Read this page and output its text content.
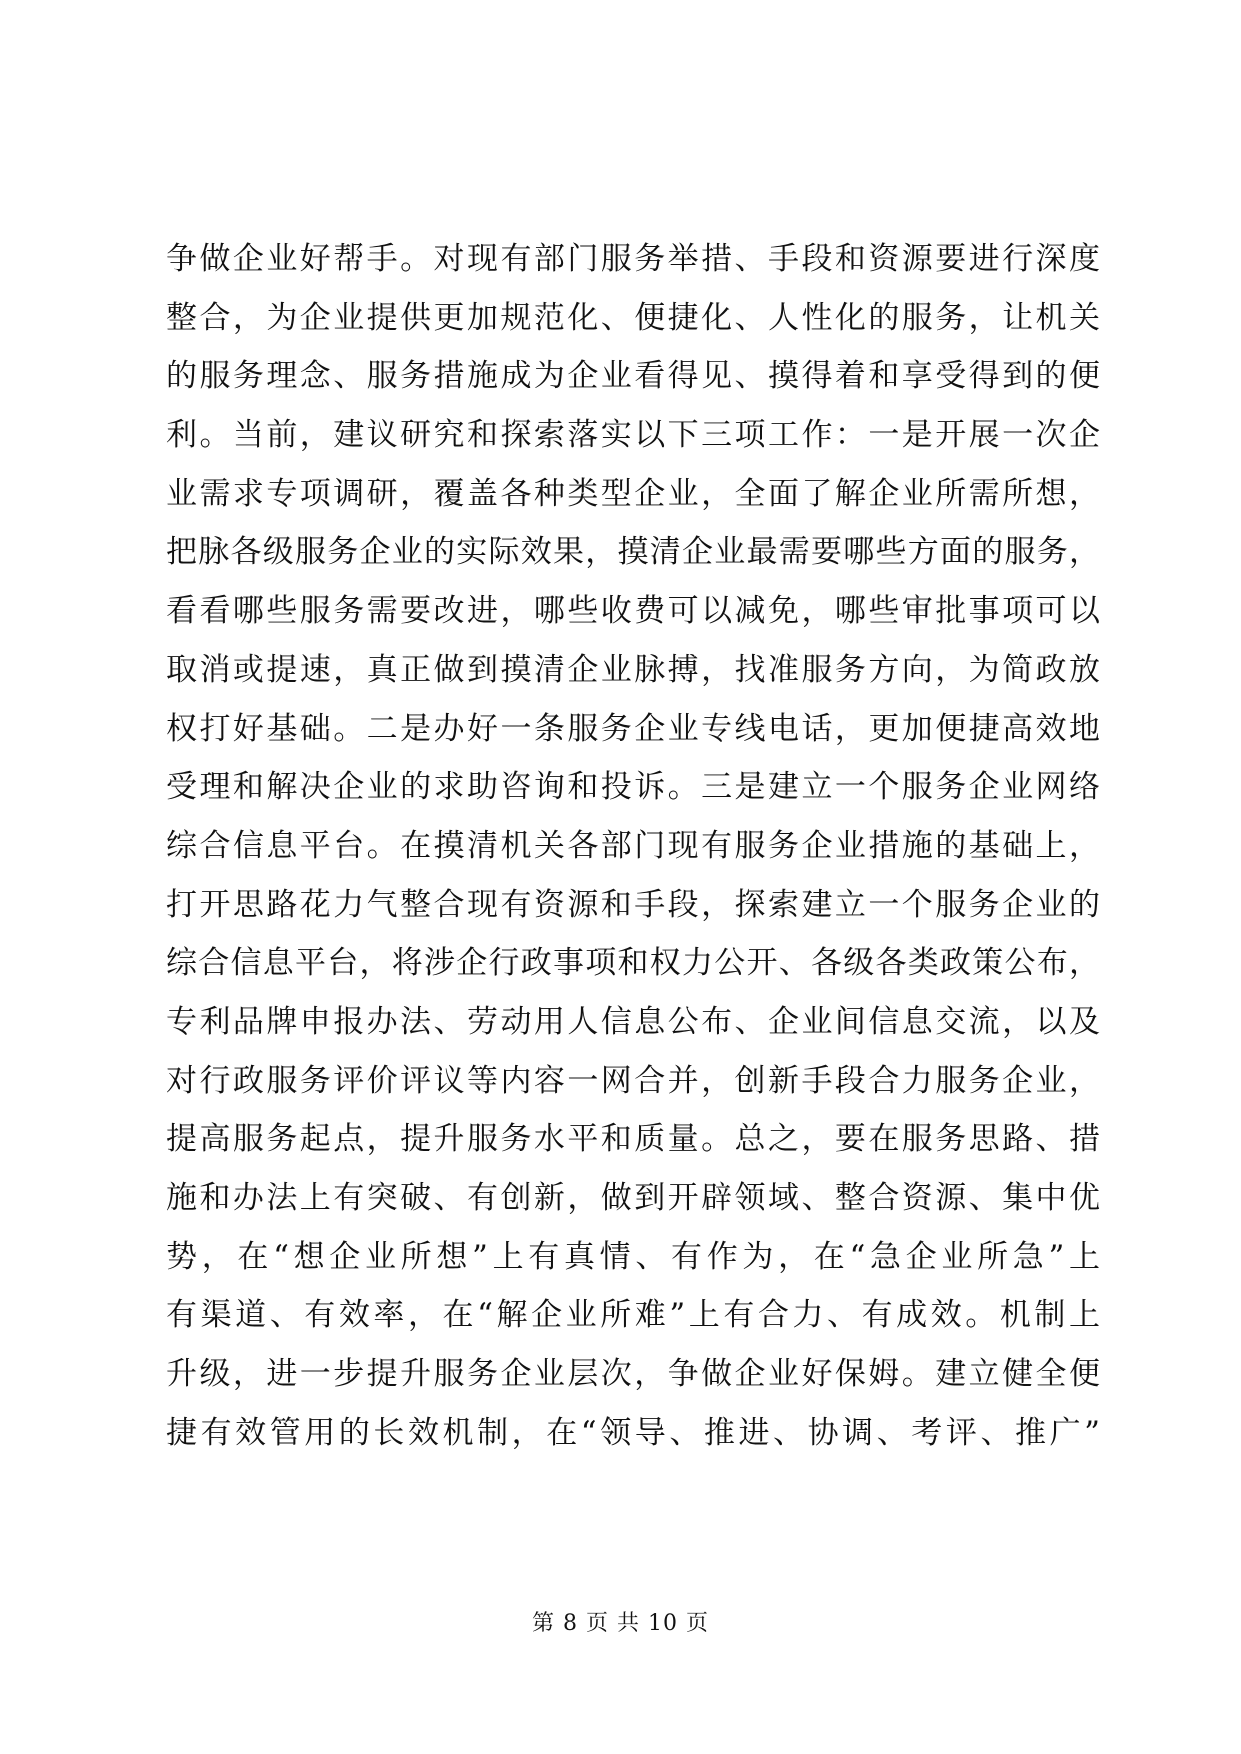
争做企业好帮手。对现有部门服务举措、手段和资源要进行深度
整合，为企业提供更加规范化、便捷化、人性化的服务，让机关
的服务理念、服务措施成为企业看得见、摸得着和享受得到的便
利。当前，建议研究和探索落实以下三项工作：一是开展一次企
业需求专项调研，覆盖各种类型企业，全面了解企业所需所想，
把脉各级服务企业的实际效果，摸清企业最需要哪些方面的服务，
看看哪些服务需要改进，哪些收费可以减免，哪些审批事项可以
取消或提速，真正做到摸清企业脉搏，找准服务方向，为简政放
权打好基础。二是办好一条服务企业专线电话，更加便捷高效地
受理和解决企业的求助咨询和投诉。三是建立一个服务企业网络
综合信息平台。在摸清机关各部门现有服务企业措施的基础上，
打开思路花力气整合现有资源和手段，探索建立一个服务企业的
综合信息平台，将涉企行政事项和权力公开、各级各类政策公布，
专利品牌申报办法、劳动用人信息公布、企业间信息交流，以及
对行政服务评价评议等内容一网合并，创新手段合力服务企业，
提高服务起点，提升服务水平和质量。总之，要在服务思路、措
施和办法上有突破、有创新，做到开辟领域、整合资源、集中优
势，在“想企业所想”上有真情、有作为，在“急企业所急”上
有渠道、有效率，在“解企业所难”上有合力、有成效。机制上
升级，进一步提升服务企业层次，争做企业好保姆。建立健全便
捷有效管用的长效机制，在“领导、推进、协调、考评、推广”
第 8 页 共 10 页
